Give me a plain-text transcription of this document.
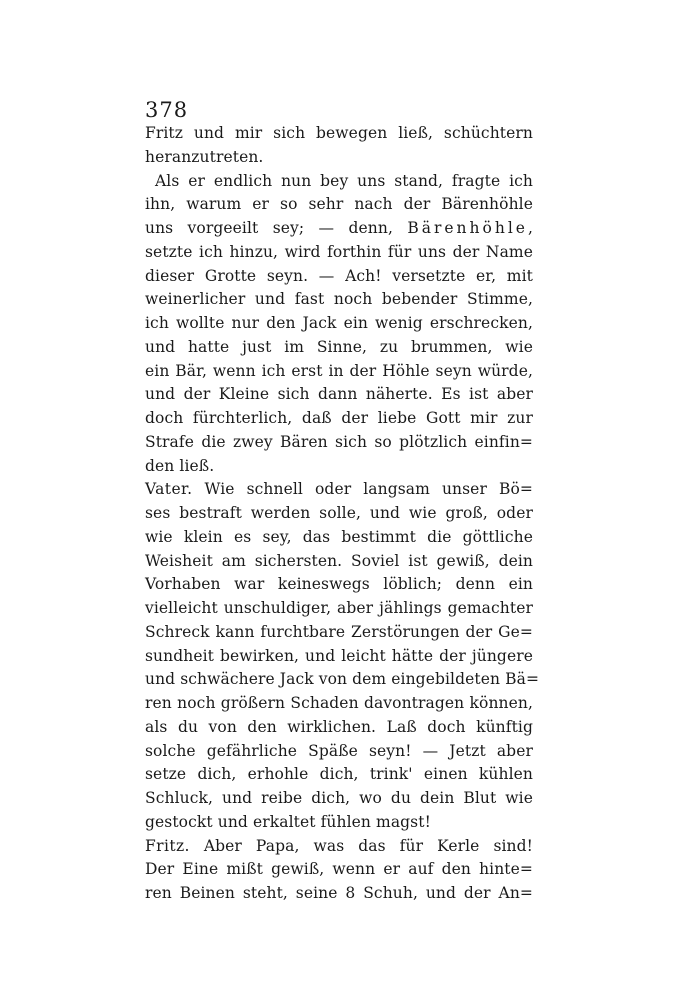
378
Fritz und mir sich bewegen ließ, schüchtern
heranzutreten.
Als er endlich nun bey uns stand, fragte ich
ihn, warum er so sehr nach der Bärenhöhle
uns vorgeeilt sey; — denn, Bärenhöhle,
setzte ich hinzu, wird forthin für uns der Name
dieser Grotte seyn. — Ach! versetzte er, mit
weinerlicher und fast noch bebender Stimme,
ich wollte nur den Jack ein wenig erschrecken,
und hatte just im Sinne, zu brummen, wie
ein Bär, wenn ich erst in der Höhle seyn würde,
und der Kleine sich dann näherte. Es ist aber
doch fürchterlich, daß der liebe Gott mir zur
Strafe die zwey Bären sich so plötzlich einfin=
den ließ.
Vater. Wie schnell oder langsam unser Bö=
ses bestraft werden solle, und wie groß, oder
wie klein es sey, das bestimmt die göttliche
Weisheit am sichersten. Soviel ist gewiß, dein
Vorhaben war keineswegs löblich; denn ein
vielleicht unschuldiger, aber jählings gemachter
Schreck kann furchtbare Zerstörungen der Ge=
sundheit bewirken, und leicht hätte der jüngere
und schwächere Jack von dem eingebildeten Bä=
ren noch größern Schaden davontragen können,
als du von den wirklichen. Laß doch künftig
solche gefährliche Späße seyn! — Jetzt aber
setze dich, erhohle dich, trink' einen kühlen
Schluck, und reibe dich, wo du dein Blut wie
gestockt und erkaltet fühlen magst!
Fritz. Aber Papa, was das für Kerle sind!
Der Eine mißt gewiß, wenn er auf den hinte=
ren Beinen steht, seine 8 Schuh, und der An=
